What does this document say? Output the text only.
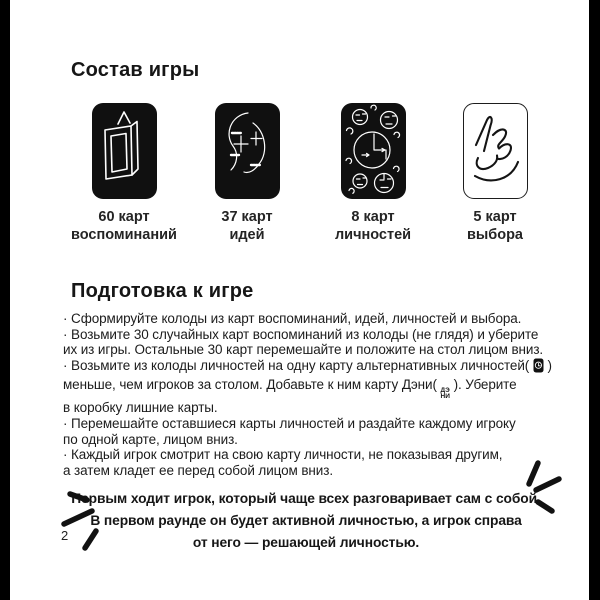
Состав игры
60 карт
воспоминаний
37 карт
идей
8 карт
личностей
5 карт
выбора
Подготовка к игре
· Сформируйте колоды из карт воспоминаний, идей, личностей и выбора.
· Возьмите 30 случайных карт воспоминаний из колоды (не глядя) и уберите
их из игры. Остальные 30 карт перемешайте и положите на стол лицом вниз.
· Возьмите из колоды личностей на одну карту альтернативных личностей( )
меньше, чем игроков за столом. Добавьте к ним карту Дэни( ДЭ
НИ
). Уберите
в коробку лишние карты.
· Перемешайте оставшиеся карты личностей и раздайте каждому игроку
по одной карте, лицом вниз.
· Каждый игрок смотрит на свою карту личности, не показывая другим,
а затем кладет ее перед собой лицом вниз.
Первым ходит игрок, который чаще всех разговаривает сам с собой.
В первом раунде он будет активной личностью, а игрок справа
от него — решающей личностью.
2
